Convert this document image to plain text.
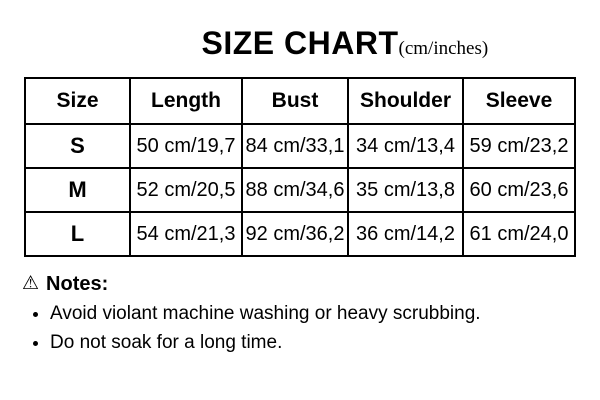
SIZE CHART (cm/inches)
Size	Length	Bust	Shoulder	Sleeve
S	50 cm/19,7	84 cm/33,1	34 cm/13,4	59 cm/23,2
M	52 cm/20,5	88 cm/34,6	35 cm/13,8	60 cm/23,6
L	54 cm/21,3	92 cm/36,2	36 cm/14,2	61 cm/24,0
⚠ Notes:
• Avoid violant machine washing or heavy scrubbing.
• Do not soak for a long time.
